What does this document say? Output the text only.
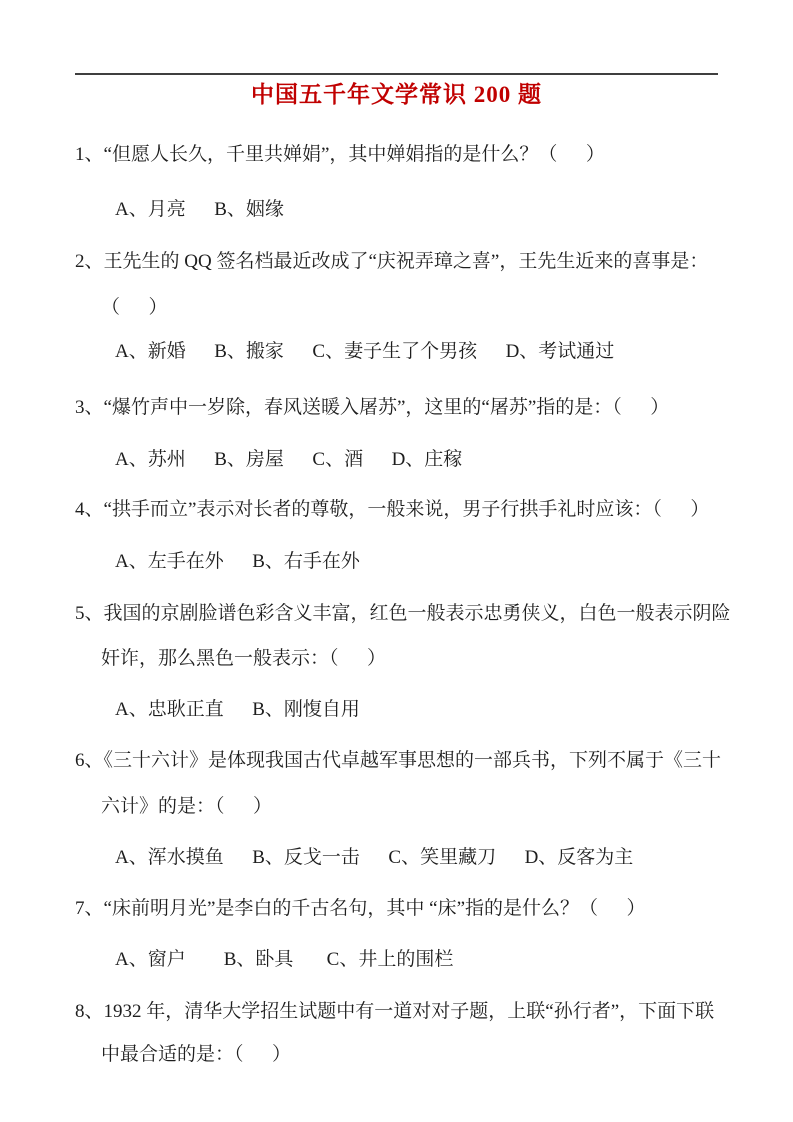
中国五千年文学常识 200 题

1、“但愿人长久，千里共婵娟”，其中婵娟指的是什么？（      ）

A、月亮      B、姻缘

2、王先生的 QQ 签名档最近改成了“庆祝弄璋之喜”，王先生近来的喜事是：

（      ）

A、新婚      B、搬家      C、妻子生了个男孩      D、考试通过

3、“爆竹声中一岁除，春风送暖入屠苏”，这里的“屠苏”指的是：（      ）

A、苏州      B、房屋      C、酒      D、庄稼

4、“拱手而立”表示对长者的尊敬，一般来说，男子行拱手礼时应该：（      ）

A、左手在外      B、右手在外

5、我国的京剧脸谱色彩含义丰富，红色一般表示忠勇侠义，白色一般表示阴险

奸诈，那么黑色一般表示：（      ）

A、忠耿正直      B、刚愎自用

6、《三十六计》是体现我国古代卓越军事思想的一部兵书，下列不属于《三十

六计》的是：（      ）

A、浑水摸鱼      B、反戈一击      C、笑里藏刀      D、反客为主

7、“床前明月光”是李白的千古名句，其中 “床”指的是什么？（      ）

A、窗户        B、卧具       C、井上的围栏

8、1932 年，清华大学招生试题中有一道对对子题，上联“孙行者”，下面下联

中最合适的是：（      ）
